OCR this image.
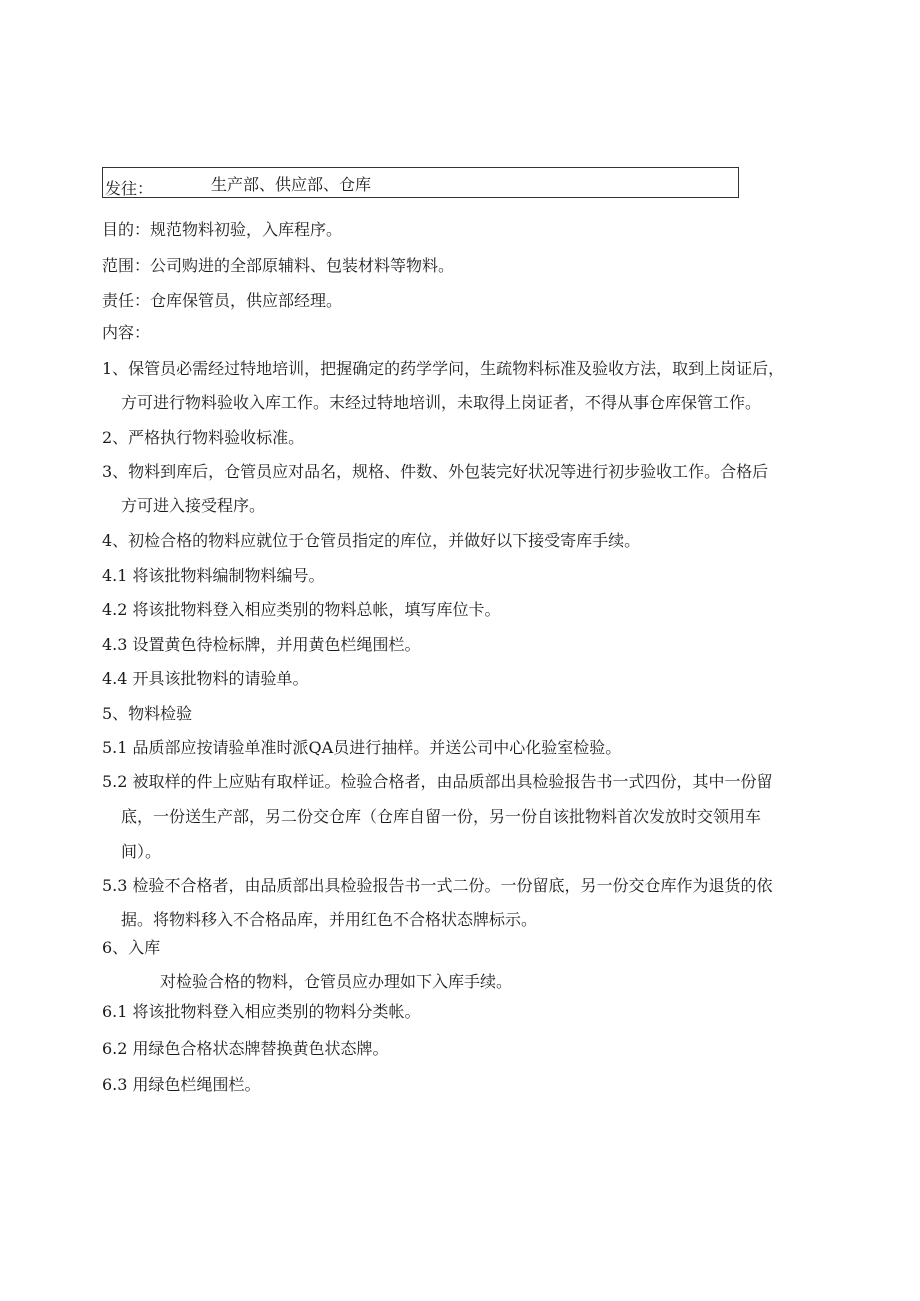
发往：	生产部、供应部、仓库
目的：规范物料初验，入库程序。
范围：公司购进的全部原辅料、包装材料等物料。
责任：仓库保管员，供应部经理。
内容：
1、保管员必需经过特地培训，把握确定的药学学问，生疏物料标准及验收方法，取到上岗证后，
方可进行物料验收入库工作。末经过特地培训，未取得上岗证者，不得从事仓库保管工作。
2、严格执行物料验收标准。
3、物料到库后，仓管员应对品名，规格、件数、外包装完好状况等进行初步验收工作。合格后
方可进入接受程序。
4、初检合格的物料应就位于仓管员指定的库位，并做好以下接受寄库手续。
4.1 将该批物料编制物料编号。
4.2 将该批物料登入相应类别的物料总帐，填写库位卡。
4.3 设置黄色待检标牌，并用黄色栏绳围栏。
4.4 开具该批物料的请验单。
5、物料检验
5.1 品质部应按请验单准时派QA员进行抽样。并送公司中心化验室检验。
5.2 被取样的件上应贴有取样证。检验合格者，由品质部出具检验报告书一式四份，其中一份留
底，一份送生产部，另二份交仓库（仓库自留一份，另一份自该批物料首次发放时交领用车
间）。
5.3 检验不合格者，由品质部出具检验报告书一式二份。一份留底，另一份交仓库作为退货的依
据。将物料移入不合格品库，并用红色不合格状态牌标示。
6、入库
对检验合格的物料，仓管员应办理如下入库手续。
6.1 将该批物料登入相应类别的物料分类帐。
6.2 用绿色合格状态牌替换黄色状态牌。
6.3 用绿色栏绳围栏。
